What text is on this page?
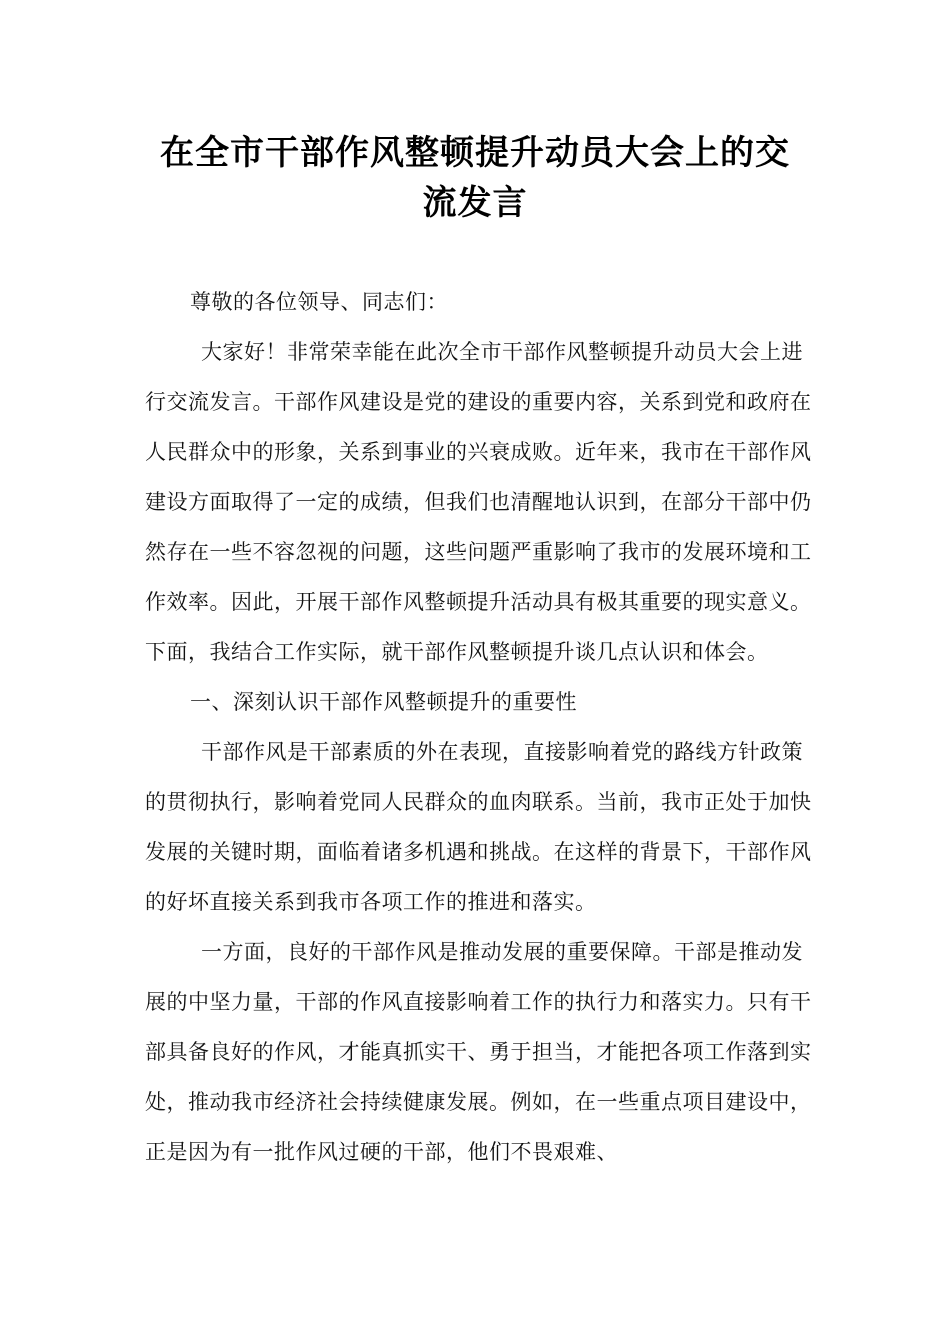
在全市干部作风整顿提升动员大会上的交
流发言

尊敬的各位领导、同志们：

大家好！非常荣幸能在此次全市干部作风整顿提升动员大会上进行交流发言。干部作风建设是党的建设的重要内容，关系到党和政府在人民群众中的形象，关系到事业的兴衰成败。近年来，我市在干部作风建设方面取得了一定的成绩，但我们也清醒地认识到，在部分干部中仍然存在一些不容忽视的问题，这些问题严重影响了我市的发展环境和工作效率。因此，开展干部作风整顿提升活动具有极其重要的现实意义。下面，我结合工作实际，就干部作风整顿提升谈几点认识和体会。

一、深刻认识干部作风整顿提升的重要性

干部作风是干部素质的外在表现，直接影响着党的路线方针政策的贯彻执行，影响着党同人民群众的血肉联系。当前，我市正处于加快发展的关键时期，面临着诸多机遇和挑战。在这样的背景下，干部作风的好坏直接关系到我市各项工作的推进和落实。

一方面，良好的干部作风是推动发展的重要保障。干部是推动发展的中坚力量，干部的作风直接影响着工作的执行力和落实力。只有干部具备良好的作风，才能真抓实干、勇于担当，才能把各项工作落到实处，推动我市经济社会持续健康发展。例如，在一些重点项目建设中，正是因为有一批作风过硬的干部，他们不畏艰难、
